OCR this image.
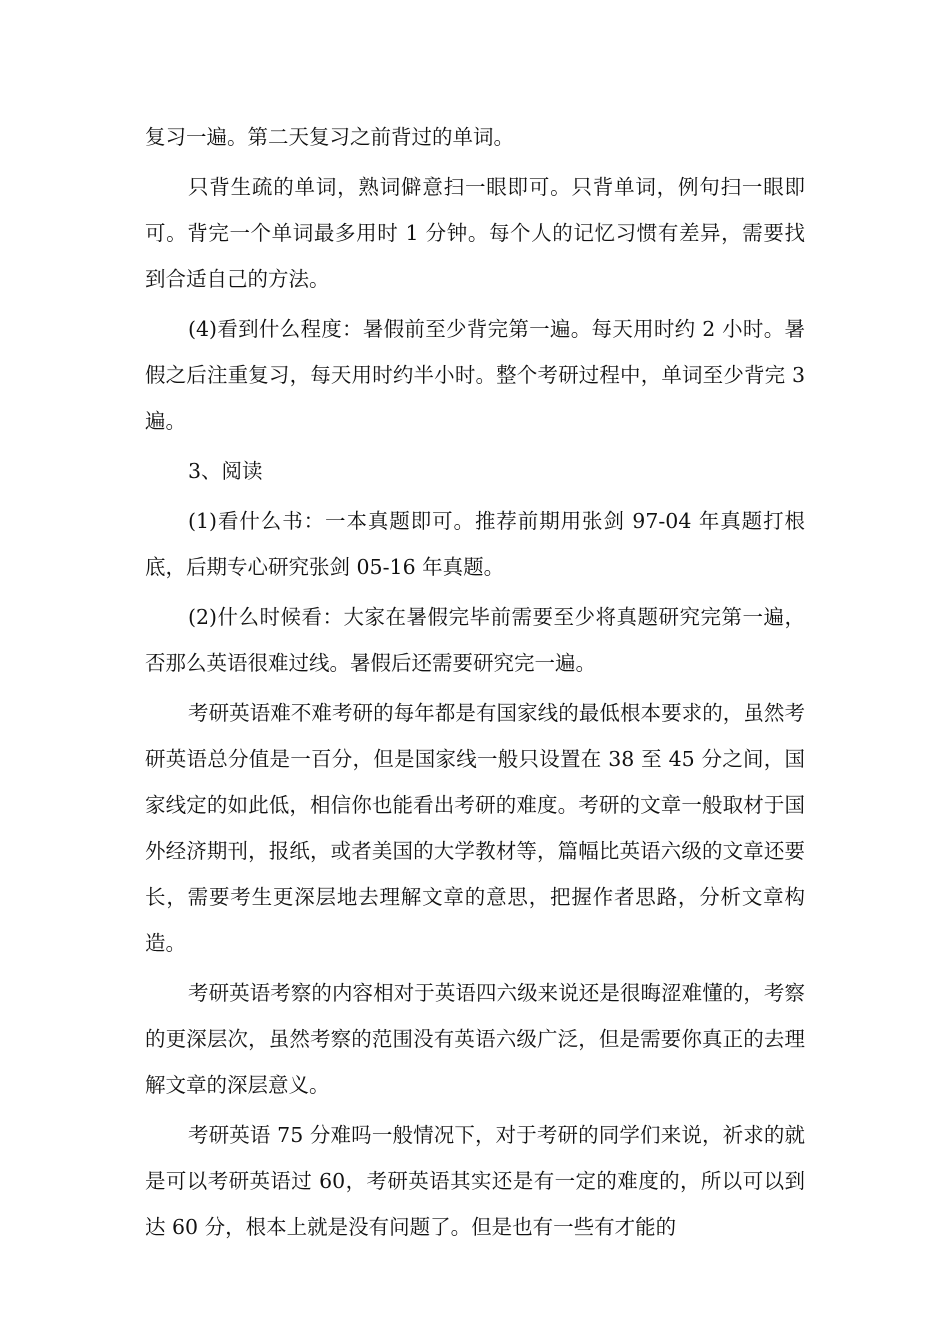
复习一遍。第二天复习之前背过的单词。

只背生疏的单词，熟词僻意扫一眼即可。只背单词，例句扫一眼即可。背完一个单词最多用时 1 分钟。每个人的记忆习惯有差异，需要找到合适自己的方法。

(4)看到什么程度：暑假前至少背完第一遍。每天用时约 2 小时。暑假之后注重复习，每天用时约半小时。整个考研过程中，单词至少背完 3 遍。

3、阅读

(1)看什么书：一本真题即可。推荐前期用张剑 97-04 年真题打根底，后期专心研究张剑 05-16 年真题。

(2)什么时候看：大家在暑假完毕前需要至少将真题研究完第一遍，否那么英语很难过线。暑假后还需要研究完一遍。

考研英语难不难考研的每年都是有国家线的最低根本要求的，虽然考研英语总分值是一百分，但是国家线一般只设置在 38 至 45 分之间，国家线定的如此低，相信你也能看出考研的难度。考研的文章一般取材于国外经济期刊，报纸，或者美国的大学教材等，篇幅比英语六级的文章还要长，需要考生更深层地去理解文章的意思，把握作者思路，分析文章构造。

考研英语考察的内容相对于英语四六级来说还是很晦涩难懂的，考察的更深层次，虽然考察的范围没有英语六级广泛，但是需要你真正的去理解文章的深层意义。

考研英语 75 分难吗一般情况下，对于考研的同学们来说，祈求的就是可以考研英语过 60，考研英语其实还是有一定的难度的，所以可以到达 60 分，根本上就是没有问题了。但是也有一些有才能的
